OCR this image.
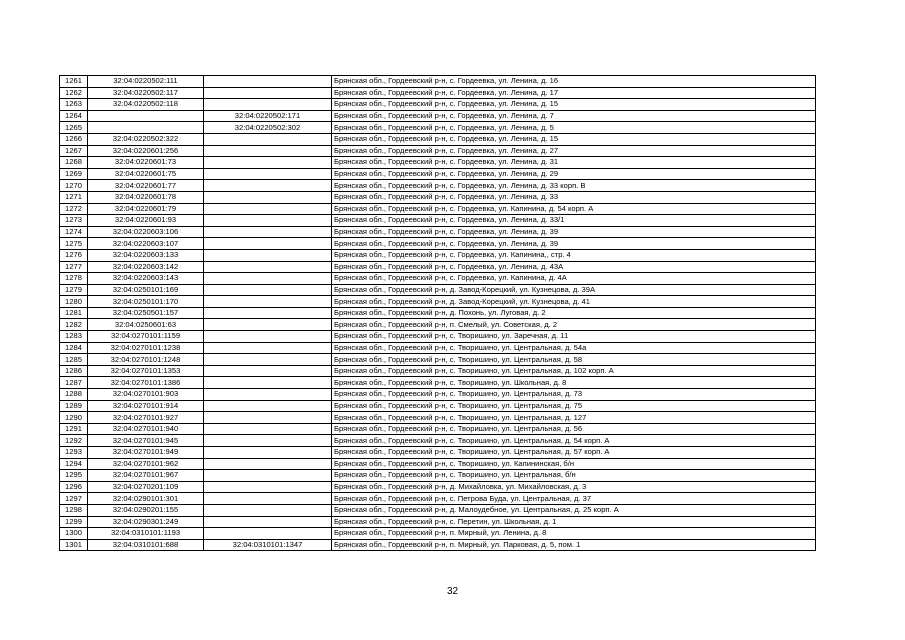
1261	32:04:0220502:111		Брянская обл., Гордеевский р-н, с. Гордеевка, ул. Ленина, д. 16
1262	32:04:0220502:117		Брянская обл., Гордеевский р-н, с. Гордеевка, ул. Ленина, д. 17
1263	32:04:0220502:118		Брянская обл., Гордеевский р-н, с. Гордеевка, ул. Ленина, д. 15
1264		32:04:0220502:171	Брянская обл., Гордеевский р-н, с. Гордеевка, ул. Ленина, д. 7
1265		32:04:0220502:302	Брянская обл., Гордеевский р-н, с. Гордеевка, ул. Ленина, д. 5
1266	32:04:0220502:322		Брянская обл., Гордеевский р-н, с. Гордеевка, ул. Ленина, д. 15
1267	32:04:0220601:256		Брянская обл., Гордеевский р-н, с. Гордеевка, ул. Ленина, д. 27
1268	32:04:0220601:73		Брянская обл., Гордеевский р-н, с. Гордеевка, ул. Ленина, д. 31
1269	32:04:0220601:75		Брянская обл., Гордеевский р-н, с. Гордеевка, ул. Ленина, д. 29
1270	32:04:0220601:77		Брянская обл., Гордеевский р-н, с. Гордеевка, ул. Ленина, д. 33 корп. В
1271	32:04:0220601:78		Брянская обл., Гордеевский р-н, с. Гордеевка, ул. Ленина, д. 33
1272	32:04:0220601:79		Брянская обл., Гордеевский р-н, с. Гордеевка, ул. Капинина, д. 54 корп. А
1273	32:04:0220601:93		Брянская обл., Гордеевский р-н, с. Гордеевка, ул. Ленина, д. 33/1
1274	32:04:0220603:106		Брянская обл., Гордеевский р-н, с. Гордеевка, ул. Ленина, д. 39
1275	32:04:0220603:107		Брянская обл., Гордеевский р-н, с. Гордеевка, ул. Ленина, д. 39
1276	32:04:0220603:133		Брянская обл., Гордеевский р-н, с. Гордеевка, ул. Капинина,, стр. 4
1277	32:04:0220603:142		Брянская обл., Гордеевский р-н, с. Гордеевка, ул. Ленина, д. 43А
1278	32:04:0220603:143		Брянская обл., Гордеевский р-н, с. Гордеевка, ул. Капинина, д. 4А
1279	32:04:0250101:169		Брянская обл., Гордеевский р-н, д. Завод-Корецкий, ул. Кузнецова, д. 39А
1280	32:04:0250101:170		Брянская обл., Гордеевский р-н, д. Завод-Корецкий, ул. Кузнецова, д. 41
1281	32:04:0250501:157		Брянская обл., Гордеевский р-н, д. Похонь, ул. Луговая, д. 2
1282	32:04:0250601:63		Брянская обл., Гордеевский р-н, п. Смелый, ул. Советская, д. 2
1283	32:04:0270101:1159		Брянская обл., Гордеевский р-н, с. Творишино, ул. Заречная, д. 11
1284	32:04:0270101:1238		Брянская обл., Гордеевский р-н, с. Творишино, ул. Центральная, д. 54а
1285	32:04:0270101:1248		Брянская обл., Гордеевский р-н, с. Творишино, ул. Центральная, д. 58
1286	32:04:0270101:1353		Брянская обл., Гордеевский р-н, с. Творишино, ул. Центральная, д. 102 корп. А
1287	32:04:0270101:1386		Брянская обл., Гордеевский р-н, с. Творишино, ул. Школьная, д. 8
1288	32:04:0270101:903		Брянская обл., Гордеевский р-н, с. Творишино, ул. Центральная, д. 73
1289	32:04:0270101:914		Брянская обл., Гордеевский р-н, с. Творишино, ул. Центральная, д. 75
1290	32:04:0270101:927		Брянская обл., Гордеевский р-н, с. Творишино, ул. Центральная, д. 127
1291	32:04:0270101:940		Брянская обл., Гордеевский р-н, с. Творишино, ул. Центральная, д. 56
1292	32:04:0270101:945		Брянская обл., Гордеевский р-н, с. Творишино, ул. Центральная, д. 54 корп. А
1293	32:04:0270101:949		Брянская обл., Гордеевский р-н, с. Творишино, ул. Центральная, д. 57 корп. А
1294	32:04:0270101:962		Брянская обл., Гордеевский р-н, с. Творишино, ул. Капининская, б/н
1295	32:04:0270101:967		Брянская обл., Гордеевский р-н, с. Творишино, ул. Центральная, б/н
1296	32:04:0270201:109		Брянская обл., Гордеевский р-н, д. Михайловка, ул. Михайловская, д. 3
1297	32:04:0290101:301		Брянская обл., Гордеевский р-н, с. Петрова Буда, ул. Центральная, д. 37
1298	32:04:0290201:155		Брянская обл., Гордеевский р-н, д. Малоудебное, ул. Центральная, д. 25 корп. А
1299	32:04:0290301:249		Брянская обл., Гордеевский р-н, с. Перетин, ул. Школьная, д. 1
1300	32:04:0310101:1193		Брянская обл., Гордеевский р-н, п. Мирный, ул. Ленина, д. 8
1301	32:04:0310101:688	32:04:0310101:1347	Брянская обл., Гордеевский р-н, п. Мирный, ул. Парковая, д. 5, пом. 1
32
